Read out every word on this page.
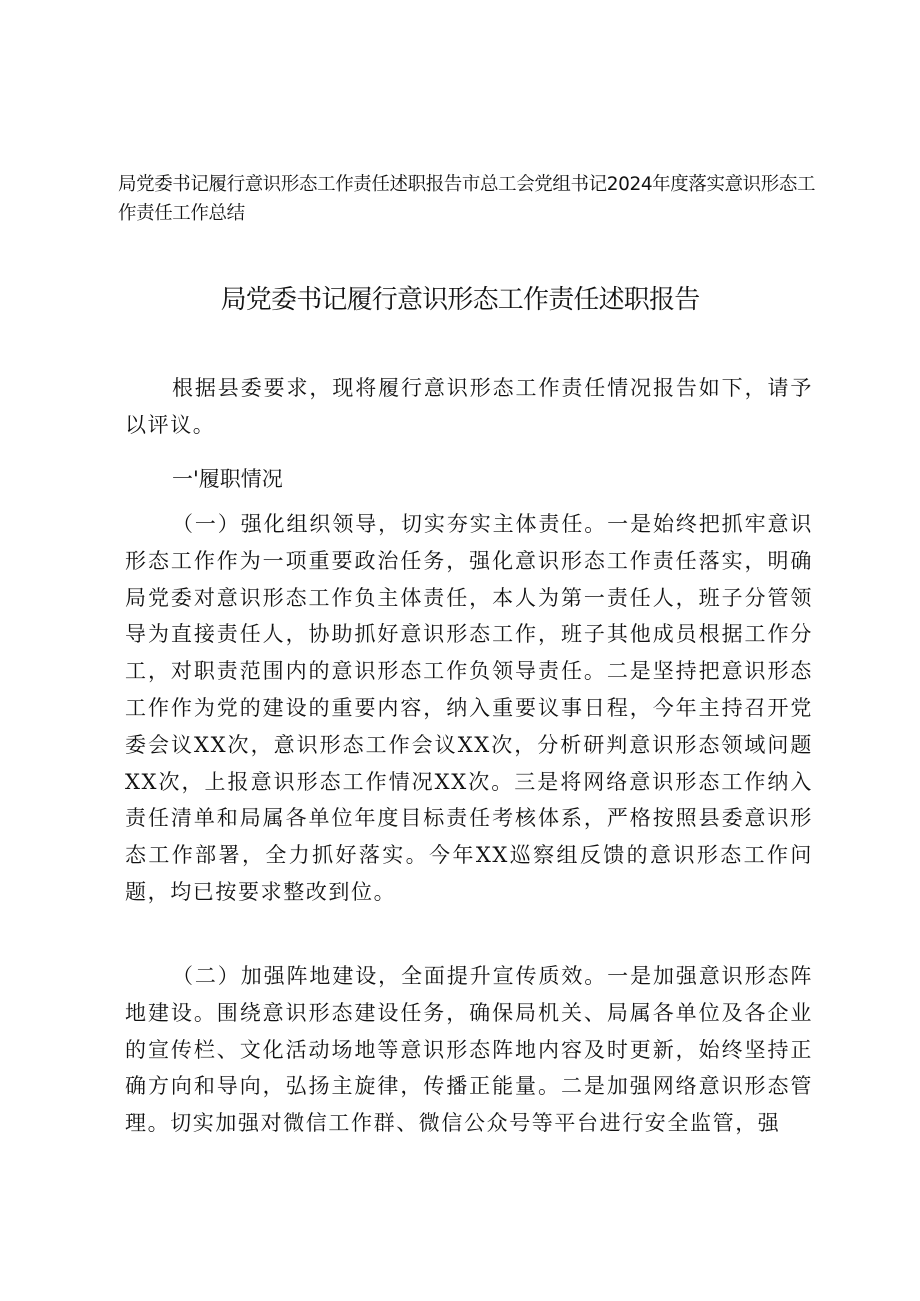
局党委书记履行意识形态工作责任述职报告市总工会党组书记2024年度落实意识形态工作责任工作总结
局党委书记履行意识形态工作责任述职报告

根据县委要求，现将履行意识形态工作责任情况报告如下，请予以评议。

一'履职情况

（一）强化组织领导，切实夯实主体责任。一是始终把抓牢意识形态工作作为一项重要政治任务，强化意识形态工作责任落实，明确局党委对意识形态工作负主体责任，本人为第一责任人，班子分管领导为直接责任人，协助抓好意识形态工作，班子其他成员根据工作分工，对职责范围内的意识形态工作负领导责任。二是坚持把意识形态工作作为党的建设的重要内容，纳入重要议事日程，今年主持召开党委会议XX次，意识形态工作会议XX次，分析研判意识形态领域问题XX次，上报意识形态工作情况XX次。三是将网络意识形态工作纳入责任清单和局属各单位年度目标责任考核体系，严格按照县委意识形态工作部署，全力抓好落实。今年XX巡察组反馈的意识形态工作问题，均已按要求整改到位。

（二）加强阵地建设，全面提升宣传质效。一是加强意识形态阵地建设。围绕意识形态建设任务，确保局机关、局属各单位及各企业的宣传栏、文化活动场地等意识形态阵地内容及时更新，始终坚持正确方向和导向，弘扬主旋律，传播正能量。二是加强网络意识形态管理。切实加强对微信工作群、微信公众号等平台进行安全监管，强
